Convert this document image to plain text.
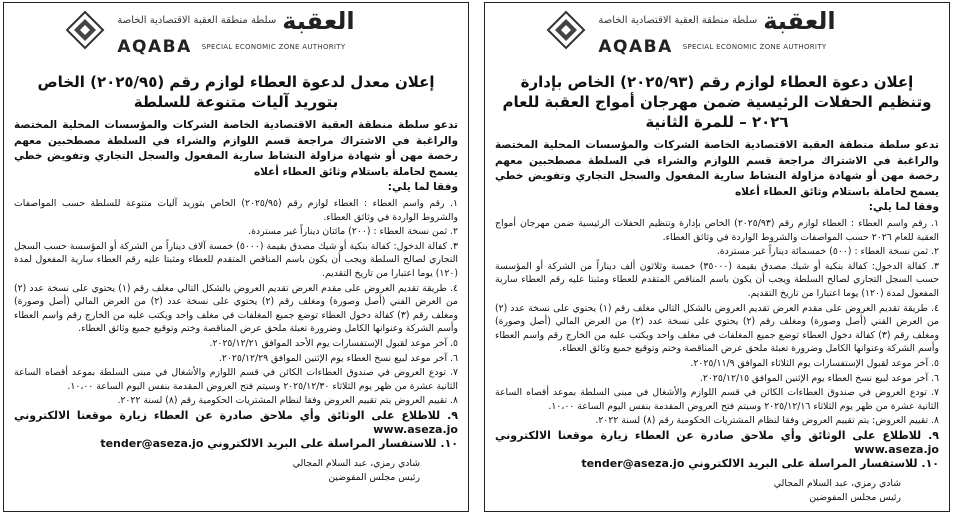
العقبة
سلطة منطقة العقبة الاقتصادية الخاصة
AQABA SPECIAL ECONOMIC ZONE AUTHORITY
إعلان دعوة العطاء لوازم رقم (٢٠٢٥/٩٣) الخاص بإدارة وتنظيم الحفلات الرئيسية ضمن مهرجان أمواج العقبة للعام ٢٠٢٦ – للمرة الثانية
تدعو سلطة منطقة العقبة الاقتصادية الخاصة الشركات والمؤسسات المحلية المختصة والراغبة في الاشتراك مراجعة قسم اللوازم والشراء في السلطة مصطحبين معهم رخصة مهن أو شهادة مزاولة النشاط سارية المفعول والسجل التجاري وتفويض خطي يسمح لحاملة باستلام وثائق العطاء أعلاه
وفقا لما يلي:
١. رقم واسم العطاء : العطاء لوازم رقم (٢٠٢٥/٩٣) الخاص بإدارة وتنظيم الحفلات الرئيسية ضمن مهرجان أمواج العقبة للعام ٢٠٢٦ حسب المواصفات والشروط الواردة في وثائق العطاء.
٢. ثمن نسخة العطاء : (٥٠٠) خمسمائة ديناراً غير مستردة.
٣. كفالة الدخول: كفالة بنكية أو شيك مصدق بقيمة (٣٥٠٠٠) خمسة وثلاثون ألف ديناراً من الشركة أو المؤسسة حسب السجل التجاري لصالح السلطة ويجب أن يكون باسم المناقص المتقدم للعطاء ومثبتا عليه رقم العطاء سارية المفعول لمدة (١٢٠) يوما اعتبارا من تاريخ التقديم.
٤. طريقة تقديم العروض على مقدم العرض تقديم العروض بالشكل التالي مغلف رقم (١) يحتوي على نسخة عدد (٢) من العرض الفني (أصل وصورة) ومغلف رقم (٢) يحتوي على نسخة عدد (٢) من العرض المالي (أصل وصورة) ومغلف رقم (٣) كفالة دخول العطاء توضع جميع المغلفات في مغلف واحد ويكتب عليه من الخارج رقم واسم العطاء وأسم الشركة وعنوانها الكامل وضرورة تعبئة ملحق عرض المناقصة وختم وتوقيع جميع وثائق العطاء.
٥. آخر موعد لقبول الإستفسارات يوم الثلاثاء الموافق ٢٠٢٥/١١/٩.
٦. آخر موعد لبيع نسخ العطاء يوم الإثنين الموافق ٢٠٢٥/١٢/١٥.
٧. تودع العروض في صندوق العطاءات الكائن في قسم اللوازم والأشغال في مبنى السلطة بموعد أقصاه الساعة الثانية عشرة من ظهر يوم الثلاثاء ٢٠٢٥/١٢/١٦ وسيتم فتح العروض المقدمة بنفس اليوم الساعة ١٠،٠٠.
٨. تقييم العروض: يتم تقييم العروض وفقا لنظام المشتريات الحكومية رقم (٨) لسنة ٢٠٢٢.
٩. للاطلاع على الوثائق وأي ملاحق صادرة عن العطاء زيارة موقعنا الالكتروني www.aseza.jo
١٠. للاستفسار المراسلة على البريد الالكتروني tender@aseza.jo
شادي رمزي، عبد السلام المجالي
رئيس مجلس المفوضين
العقبة
سلطة منطقة العقبة الاقتصادية الخاصة
AQABA SPECIAL ECONOMIC ZONE AUTHORITY
إعلان معدل لدعوة العطاء لوازم رقم (٢٠٢٥/٩٥) الخاص بتوريد آليات متنوعة للسلطة
تدعو سلطة منطقة العقبة الاقتصادية الخاصة الشركات والمؤسسات المحلية المختصة والراغبة في الاشتراك مراجعة قسم اللوازم والشراء في السلطة مصطحبين معهم رخصة مهن أو شهادة مزاولة النشاط سارية المفعول والسجل التجاري وتفويض خطي يسمح لحاملة باستلام وثائق العطاء أعلاه
وفقا لما يلي:
١. رقم واسم العطاء : العطاء لوازم رقم (٢٠٢٥/٩٥) الخاص بتوريد آليات متنوعة للسلطة حسب المواصفات والشروط الواردة في وثائق العطاء.
٢. ثمن نسخة العطاء : (٢٠٠) مائتان ديناراً غير مستردة.
٣. كفالة الدخول: كفالة بنكية أو شيك مصدق بقيمة (٥٠٠٠) خمسة آلاف ديناراً من الشركة أو المؤسسة حسب السجل التجاري لصالح السلطة ويجب أن يكون باسم المناقص المتقدم للعطاء ومثبتا عليه رقم العطاء سارية المفعول لمدة (١٢٠) يوما اعتبارا من تاريخ التقديم.
٤. طريقة تقديم العروض على مقدم العرض تقديم العروض بالشكل التالي مغلف رقم (١) يحتوي على نسخة عدد (٢) من العرض الفني (أصل وصورة) ومغلف رقم (٢) يحتوي على نسخة عدد (٢) من العرض المالي (أصل وصورة) ومغلف رقم (٣) كفالة دخول العطاء توضع جميع المغلفات في مغلف واحد ويكتب عليه من الخارج رقم واسم العطاء وأسم الشركة وعنوانها الكامل وضرورة تعبئة ملحق عرض المناقصة وختم وتوقيع جميع وثائق العطاء.
٥. آخر موعد لقبول الإستفسارات يوم الأحد الموافق ٢٠٢٥/١٢/٢١.
٦. آخر موعد لبيع نسخ العطاء يوم الإثنين الموافق ٢٠٢٥/١٢/٢٩.
٧. تودع العروض في صندوق العطاءات الكائن في قسم اللوازم والأشغال في مبنى السلطة بموعد أقصاه الساعة الثانية عشرة من ظهر يوم الثلاثاء ٢٠٢٥/١٢/٣٠ وسيتم فتح العروض المقدمة بنفس اليوم الساعة ١٠،٠٠.
٨. تقييم العروض يتم تقييم العروض وفقا لنظام المشتريات الحكومية رقم (٨) لسنة ٢٠٢٢.
٩. للاطلاع على الوثائق وأي ملاحق صادرة عن العطاء زيارة موقعنا الالكتروني www.aseza.jo
١٠. للاستفسار المراسلة على البريد الالكتروني tender@aseza.jo
شادي رمزي، عبد السلام المجالي
رئيس مجلس المفوضين
